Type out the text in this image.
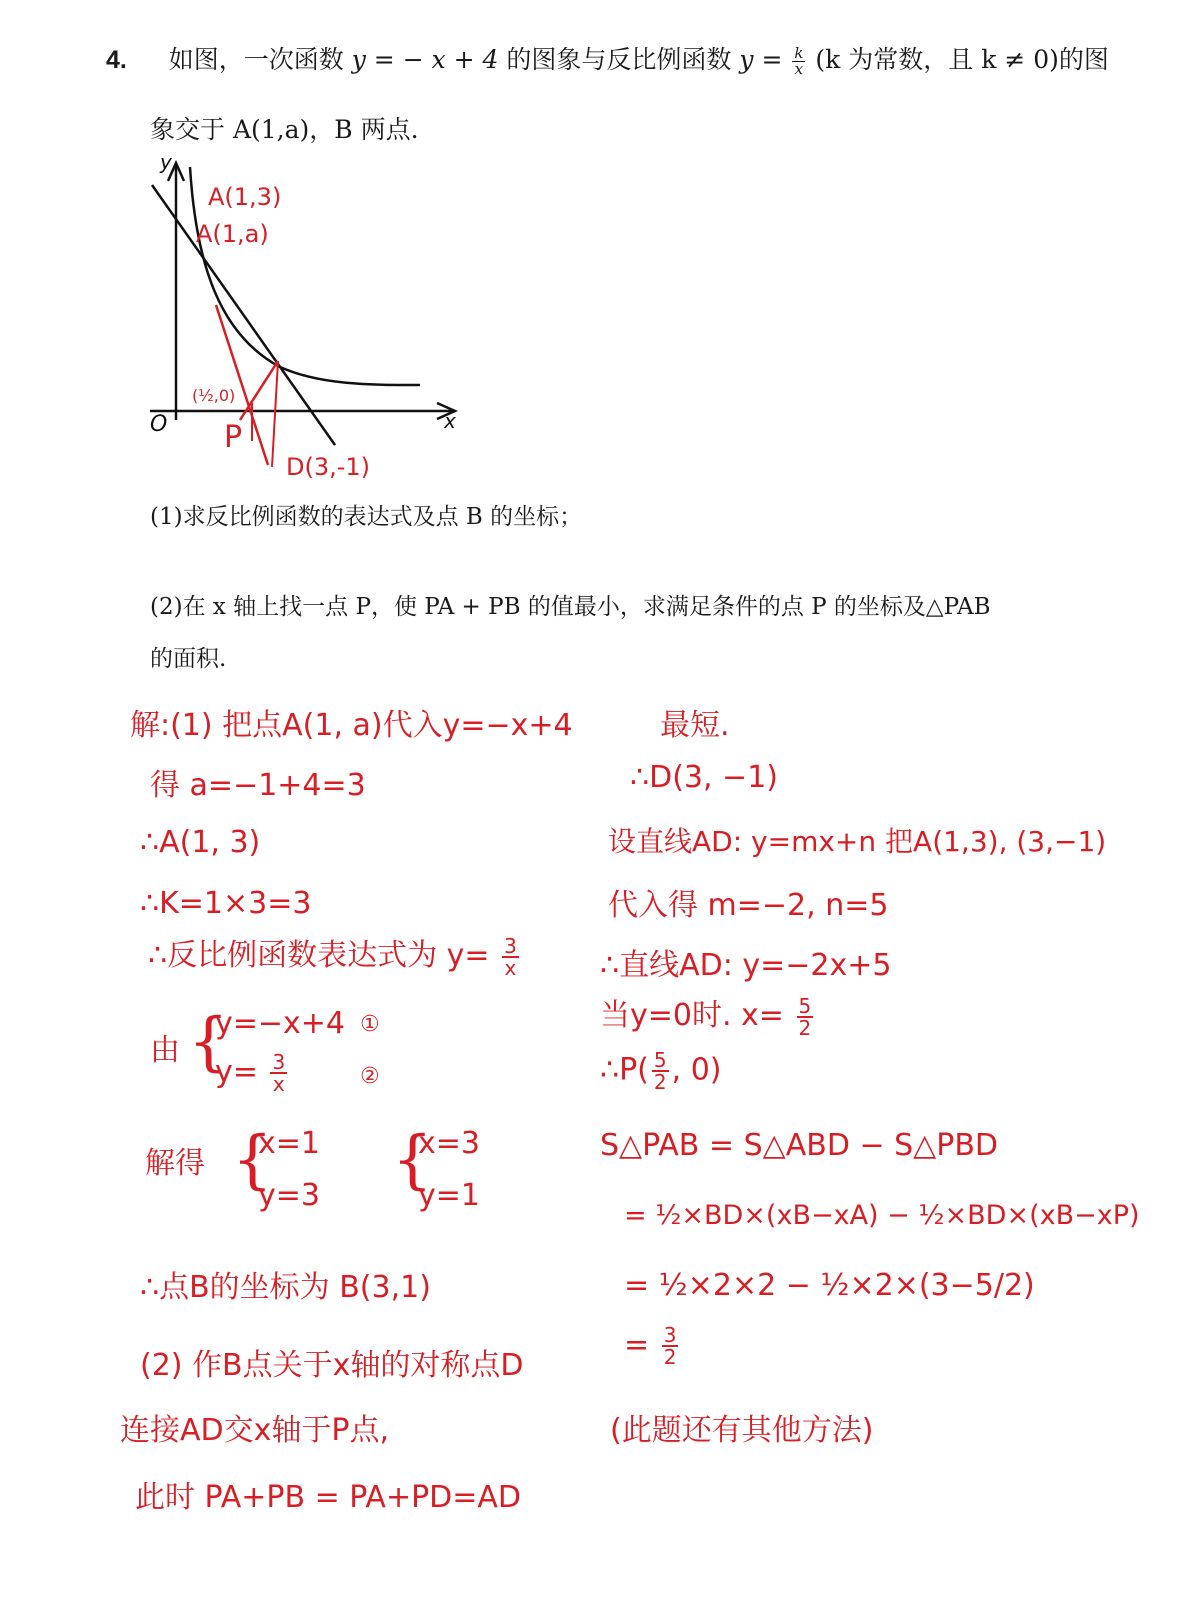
4. 如图，一次函数 y = − x + 4 的图象与反比例函数 $y = \frac{k}{x} (k$ 为常数，且 k ≠ 0)的图
象交于 A(1,a)，B 两点.
y
x
O
A(1,3)
A(1,a)
(½,0)
P
D(3,-1)
(1)求反比例函数的表达式及点 B 的坐标；
(2)在 x 轴上找一点 P，使 PA + PB 的值最小，求满足条件的点 P 的坐标及△PAB
的面积.
解:(1) 把点A(1, a)代入y=−x+4
得 a=−1+4=3
∴A(1, 3)
∴K=1×3=3
∴反比例函数表达式为 $y= \frac{3}{x}$
由 {
y=−x+4 ①
$y= \frac{3}{x}$	②
解得 {
x=1
y=3 {
x=3
y=1
∴点B的坐标为 B(3,1)
(2) 作B点关于x轴的对称点D
连接AD交x轴于P点,
此时 PA+PB = PA+PD=AD
最短.
∴D(3, −1)
设直线AD: y=mx+n 把A(1,3), (3,−1)
代入得 m=−2, n=5
∴直线AD: y=−2x+5
当y=0时. $x= \frac{5}{2}$
∴P( $\frac{5}{2}$ , 0)
S△PAB = S△ABD − S△PBD
= ½×BD×(xB−xA) − ½×BD×(xB−xP)
= ½×2×2 − ½×2×(3−5/2)
= $\frac{3}{2}$
(此题还有其他方法)
